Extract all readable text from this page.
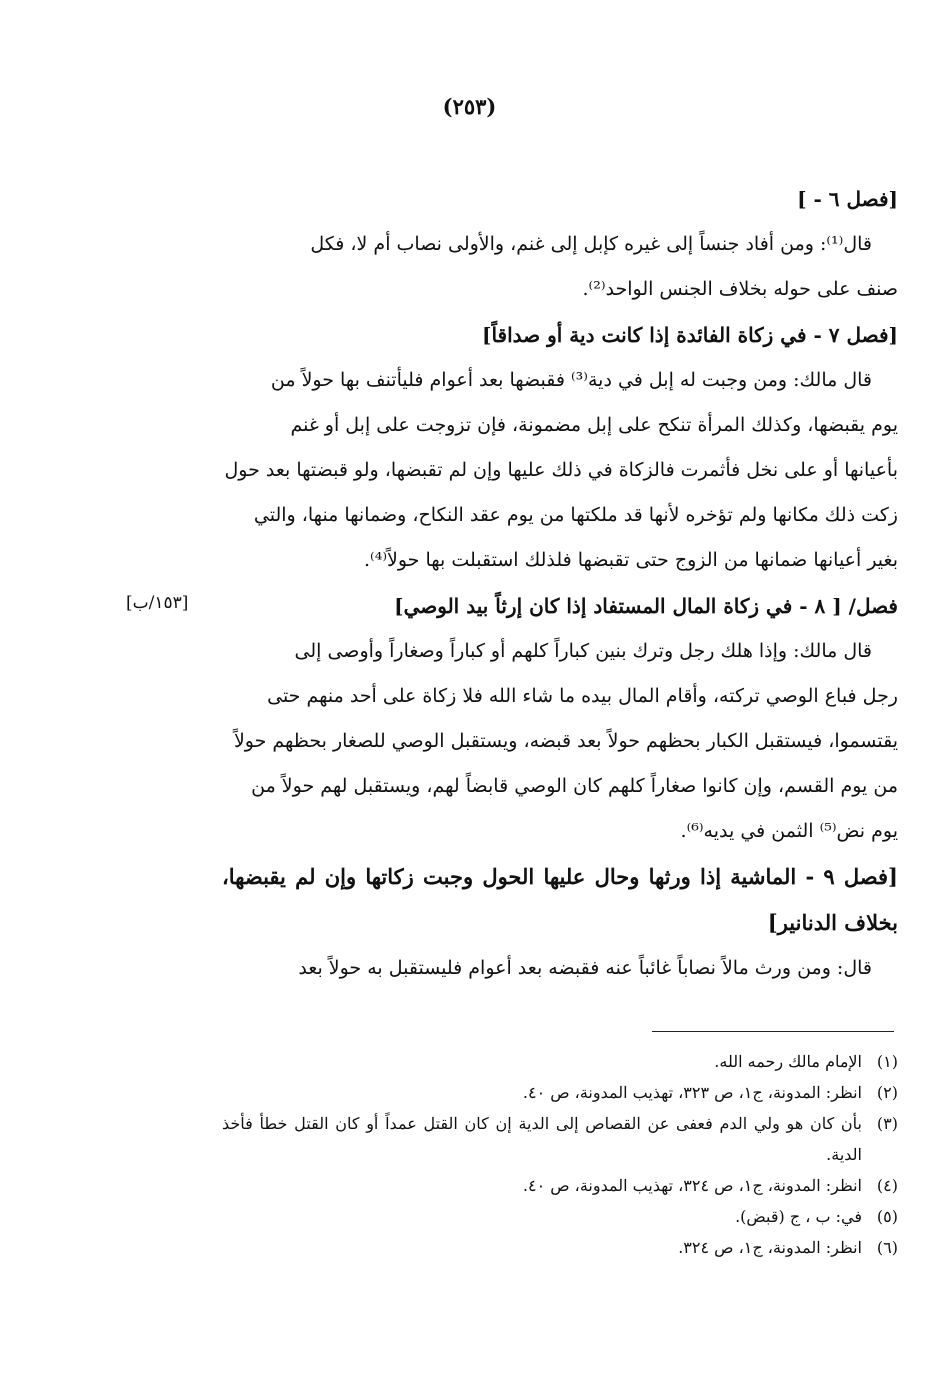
(٢٥٣)
[١٥٣/ب]
[فصل ٦ - ]

قال⁽¹⁾: ومن أفاد جنساً إلى غيره كإبل إلى غنم، والأولى نصاب أم لا، فكل

صنف على حوله بخلاف الجنس الواحد⁽²⁾.

[فصل ٧ - في زكاة الفائدة إذا كانت دية أو صداقاً]

قال مالك: ومن وجبت له إبل في دية⁽³⁾ فقبضها بعد أعوام فليأتنف بها حولاً من

يوم يقبضها، وكذلك المرأة تنكح على إبل مضمونة، فإن تزوجت على إبل أو غنم

بأعيانها أو على نخل فأثمرت فالزكاة في ذلك عليها وإن لم تقبضها، ولو قبضتها بعد حول

زكت ذلك مكانها ولم تؤخره لأنها قد ملكتها من يوم عقد النكاح، وضمانها منها، والتي

بغير أعيانها ضمانها من الزوج حتى تقبضها فلذلك استقبلت بها حولاً⁽⁴⁾.

فصل/ [ ٨ - في زكاة المال المستفاد إذا كان إرثاً بيد الوصي]

قال مالك: وإذا هلك رجل وترك بنين كباراً كلهم أو كباراً وصغاراً وأوصى إلى

رجل فباع الوصي تركته، وأقام المال بيده ما شاء الله فلا زكاة على أحد منهم حتى

يقتسموا، فيستقبل الكبار بحظهم حولاً بعد قبضه، ويستقبل الوصي للصغار بحظهم حولاً

من يوم القسم، وإن كانوا صغاراً كلهم كان الوصي قابضاً لهم، ويستقبل لهم حولاً من

يوم نض⁽⁵⁾ الثمن في يديه⁽⁶⁾.

[فصل ٩ - الماشية إذا ورثها وحال عليها الحول وجبت زكاتها وإن لم يقبضها، بخلاف الدنانير]

قال: ومن ورث مالاً نصاباً غائباً عنه فقبضه بعد أعوام فليستقبل به حولاً بعد

(١)
الإمام مالك رحمه الله.
(٢)
انظر: المدونة، ج١، ص ٣٢٣، تهذيب المدونة، ص ٤٠.
(٣)
بأن كان هو ولي الدم فعفى عن القصاص إلى الدية إن كان القتل عمداً أو كان القتل خطأ فأخذ الدية.
(٤)
انظر: المدونة، ج١، ص ٣٢٤، تهذيب المدونة، ص ٤٠.
(٥)
في: ب ، ج (قبض).
(٦)
انظر: المدونة، ج١، ص ٣٢٤.
